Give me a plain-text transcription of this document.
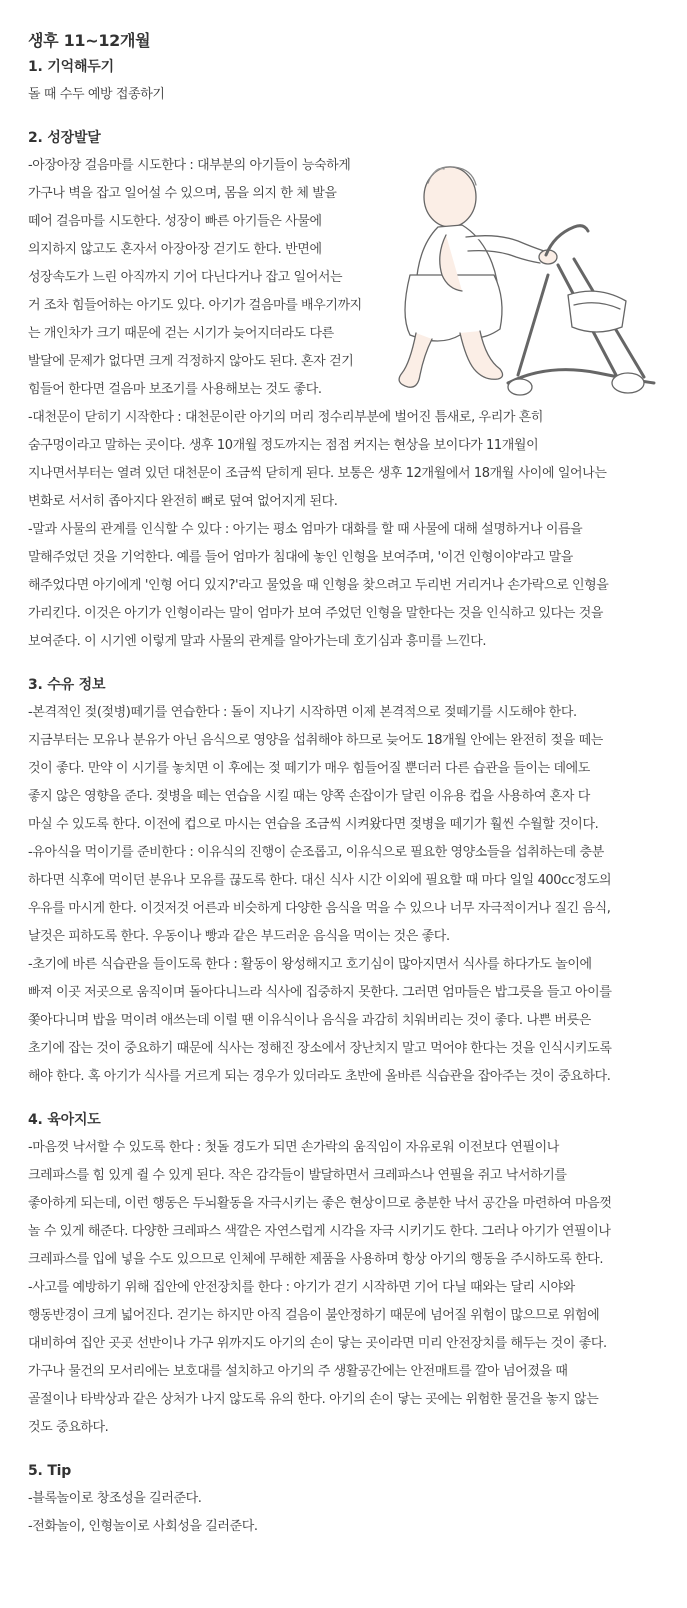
생후 11~12개월
1. 기억해두기
돌 때 수두 예방 접종하기
2. 성장발달
-아장아장 걸음마를 시도한다 : 대부분의 아기들이 능숙하게
가구나 벽을 잡고 일어설 수 있으며, 몸을 의지 한 체 발을
떼어 걸음마를 시도한다. 성장이 빠른 아기들은 사물에
의지하지 않고도 혼자서 아장아장 걷기도 한다. 반면에
성장속도가 느린 아직까지 기어 다닌다거나 잡고 일어서는
거 조차 힘들어하는 아기도 있다. 아기가 걸음마를 배우기까지
는 개인차가 크기 때문에 걷는 시기가 늦어지더라도 다른
발달에 문제가 없다면 크게 걱정하지 않아도 된다. 혼자 걷기
힘들어 한다면 걸음마 보조기를 사용해보는 것도 좋다.
-대천문이 닫히기 시작한다 : 대천문이란 아기의 머리 정수리부분에 벌어진 틈새로, 우리가 흔히
숨구멍이라고 말하는 곳이다. 생후 10개월 정도까지는 점점 커지는 현상을 보이다가 11개월이
지나면서부터는 열려 있던 대천문이 조금씩 닫히게 된다. 보통은 생후 12개월에서 18개월 사이에 일어나는
변화로 서서히 좁아지다 완전히 뼈로 덮여 없어지게 된다.
-말과 사물의 관계를 인식할 수 있다 : 아기는 평소 엄마가 대화를 할 때 사물에 대해 설명하거나 이름을
말해주었던 것을 기억한다. 예를 들어 엄마가 침대에 놓인 인형을 보여주며, '이건 인형이야'라고 말을
해주었다면 아기에게 '인형 어디 있지?'라고 물었을 때 인형을 찾으려고 두리번 거리거나 손가락으로 인형을
가리킨다. 이것은 아기가 인형이라는 말이 엄마가 보여 주었던 인형을 말한다는 것을 인식하고 있다는 것을
보여준다. 이 시기엔 이렇게 말과 사물의 관계를 알아가는데 호기심과 흥미를 느낀다.
3. 수유 정보
-본격적인 젖(젖병)떼기를 연습한다 : 돌이 지나기 시작하면 이제 본격적으로 젖떼기를 시도해야 한다.
지금부터는 모유나 분유가 아닌 음식으로 영양을 섭취해야 하므로 늦어도 18개월 안에는 완전히 젖을 떼는
것이 좋다. 만약 이 시기를 놓치면 이 후에는 젖 떼기가 매우 힘들어질 뿐더러 다른 습관을 들이는 데에도
좋지 않은 영향을 준다. 젖병을 떼는 연습을 시킬 때는 양쪽 손잡이가 달린 이유용 컵을 사용하여 혼자 다
마실 수 있도록 한다. 이전에 컵으로 마시는 연습을 조금씩 시켜왔다면 젖병을 떼기가 훨씬 수월할 것이다.
-유아식을 먹이기를 준비한다 : 이유식의 진행이 순조롭고, 이유식으로 필요한 영양소들을 섭취하는데 충분
하다면 식후에 먹이던 분유나 모유를 끊도록 한다. 대신 식사 시간 이외에 필요할 때 마다 일일 400cc정도의
우유를 마시게 한다. 이것저것 어른과 비슷하게 다양한 음식을 먹을 수 있으나 너무 자극적이거나 질긴 음식,
날것은 피하도록 한다. 우동이나 빵과 같은 부드러운 음식을 먹이는 것은 좋다.
-초기에 바른 식습관을 들이도록 한다 : 활동이 왕성해지고 호기심이 많아지면서 식사를 하다가도 놀이에
빠져 이곳 저곳으로 움직이며 돌아다니느라 식사에 집중하지 못한다. 그러면 엄마들은 밥그릇을 들고 아이를
쫓아다니며 밥을 먹이려 애쓰는데 이럴 땐 이유식이나 음식을 과감히 치워버리는 것이 좋다. 나쁜 버릇은
초기에 잡는 것이 중요하기 때문에 식사는 정해진 장소에서 장난치지 말고 먹어야 한다는 것을 인식시키도록
해야 한다. 혹 아기가 식사를 거르게 되는 경우가 있더라도 초반에 올바른 식습관을 잡아주는 것이 중요하다.
4. 육아지도
-마음껏 낙서할 수 있도록 한다 : 첫돌 경도가 되면 손가락의 움직임이 자유로워 이전보다 연필이나
크레파스를 힘 있게 쥘 수 있게 된다. 작은 감각들이 발달하면서 크레파스나 연필을 쥐고 낙서하기를
좋아하게 되는데, 이런 행동은 두뇌활동을 자극시키는 좋은 현상이므로 충분한 낙서 공간을 마련하여 마음껏
놀 수 있게 해준다. 다양한 크레파스 색깔은 자연스럽게 시각을 자극 시키기도 한다. 그러나 아기가 연필이나
크레파스를 입에 넣을 수도 있으므로 인체에 무해한 제품을 사용하며 항상 아기의 행동을 주시하도록 한다.
-사고를 예방하기 위해 집안에 안전장치를 한다 : 아기가 걷기 시작하면 기어 다닐 때와는 달리 시야와
행동반경이 크게 넓어진다. 걷기는 하지만 아직 걸음이 불안정하기 때문에 넘어질 위험이 많으므로 위험에
대비하여 집안 곳곳 선반이나 가구 위까지도 아기의 손이 닿는 곳이라면 미리 안전장치를 해두는 것이 좋다.
가구나 물건의 모서리에는 보호대를 설치하고 아기의 주 생활공간에는 안전매트를 깔아 넘어졌을 때
골절이나 타박상과 같은 상처가 나지 않도록 유의 한다. 아기의 손이 닿는 곳에는 위험한 물건을 놓지 않는
것도 중요하다.
5. Tip
-블록놀이로 창조성을 길러준다.
-전화놀이, 인형놀이로 사회성을 길러준다.
